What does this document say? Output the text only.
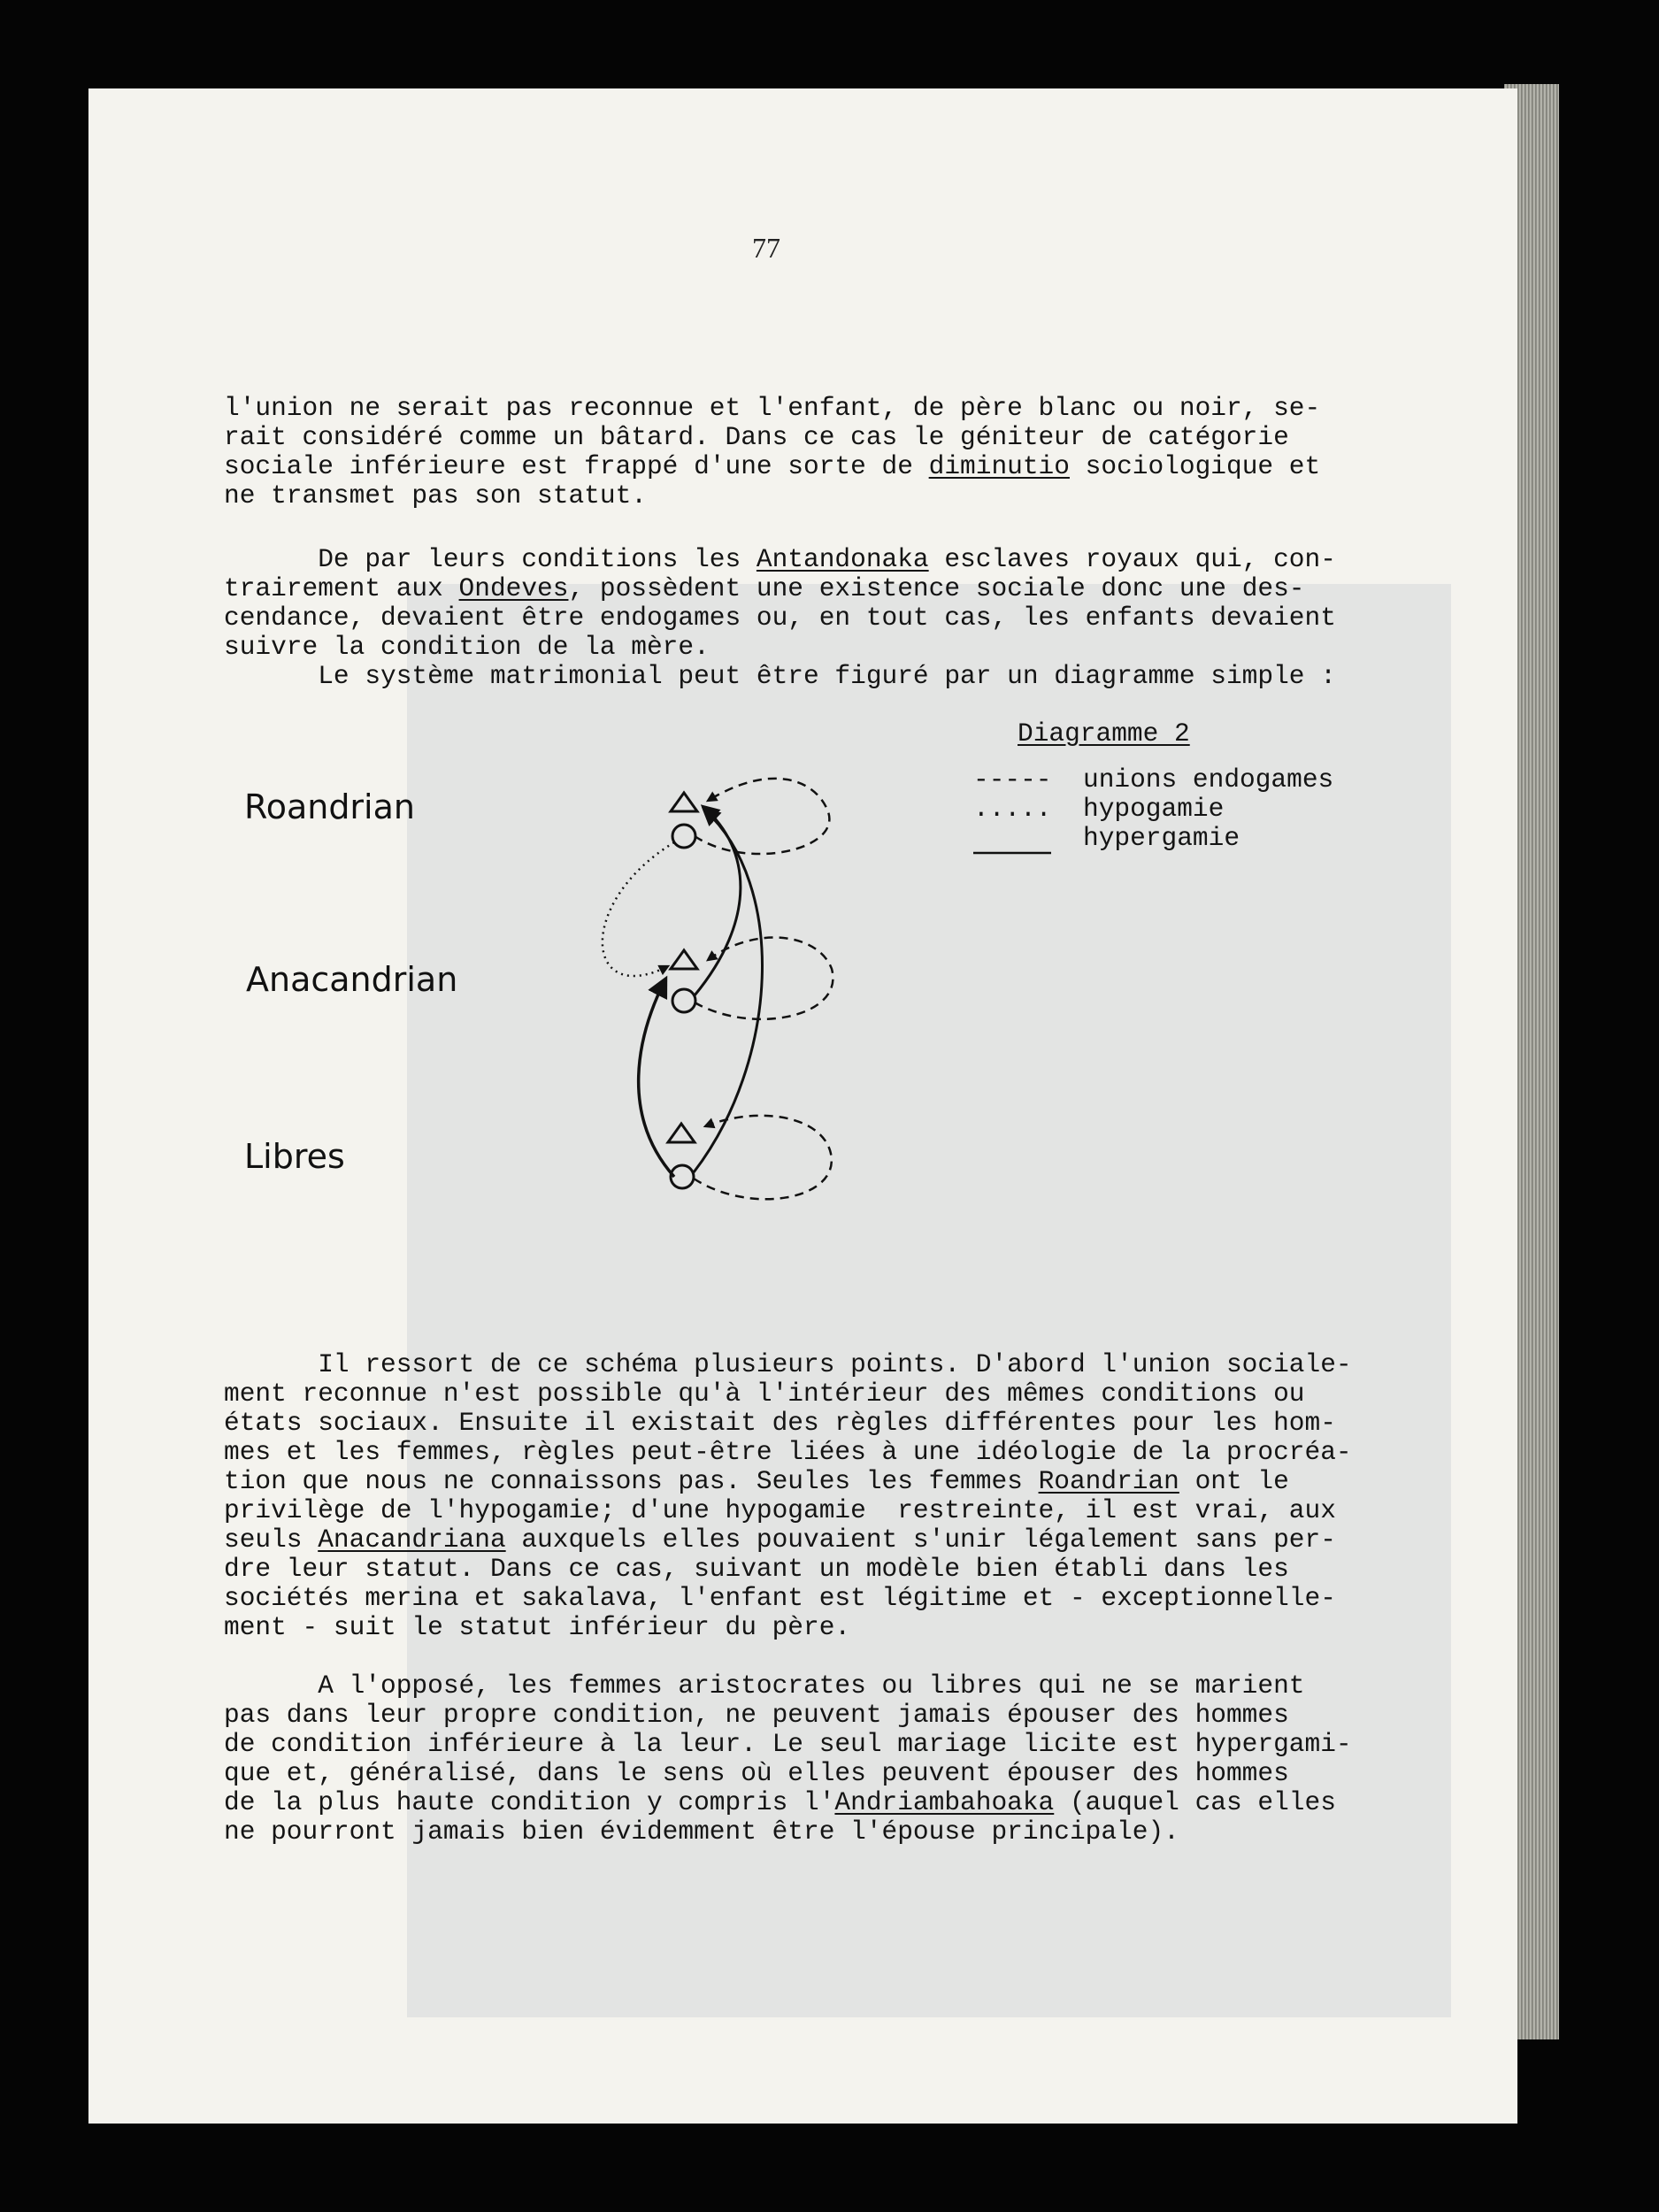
77

l'union ne serait pas reconnue et l'enfant, de père blanc ou noir, se-
rait considéré comme un bâtard. Dans ce cas le géniteur de catégorie
sociale inférieure est frappé d'une sorte de diminutio sociologique et
ne transmet pas son statut.

De par leurs conditions les Antandonaka esclaves royaux qui, con-
trairement aux Ondeves, possèdent une existence sociale donc une des-
cendance, devaient être endogames ou, en tout cas, les enfants devaient
suivre la condition de la mère.
Le système matrimonial peut être figuré par un diagramme simple :
Diagramme 2
----- unions endogames
..... hypogamie
hypergamie
Roandrian
Anacandrian
Libres

Il ressort de ce schéma plusieurs points. D'abord l'union sociale-
ment reconnue n'est possible qu'à l'intérieur des mêmes conditions ou
états sociaux. Ensuite il existait des règles différentes pour les hom-
mes et les femmes, règles peut-être liées à une idéologie de la procréa-
tion que nous ne connaissons pas. Seules les femmes Roandrian ont le
privilège de l'hypogamie; d'une hypogamie  restreinte, il est vrai, aux
seuls Anacandriana auxquels elles pouvaient s'unir légalement sans per-
dre leur statut. Dans ce cas, suivant un modèle bien établi dans les
sociétés merina et sakalava, l'enfant est légitime et - exceptionnelle-
ment - suit le statut inférieur du père.

A l'opposé, les femmes aristocrates ou libres qui ne se marient
pas dans leur propre condition, ne peuvent jamais épouser des hommes
de condition inférieure à la leur. Le seul mariage licite est hypergami-
que et, généralisé, dans le sens où elles peuvent épouser des hommes
de la plus haute condition y compris l'Andriambahoaka (auquel cas elles
ne pourront jamais bien évidemment être l'épouse principale).
